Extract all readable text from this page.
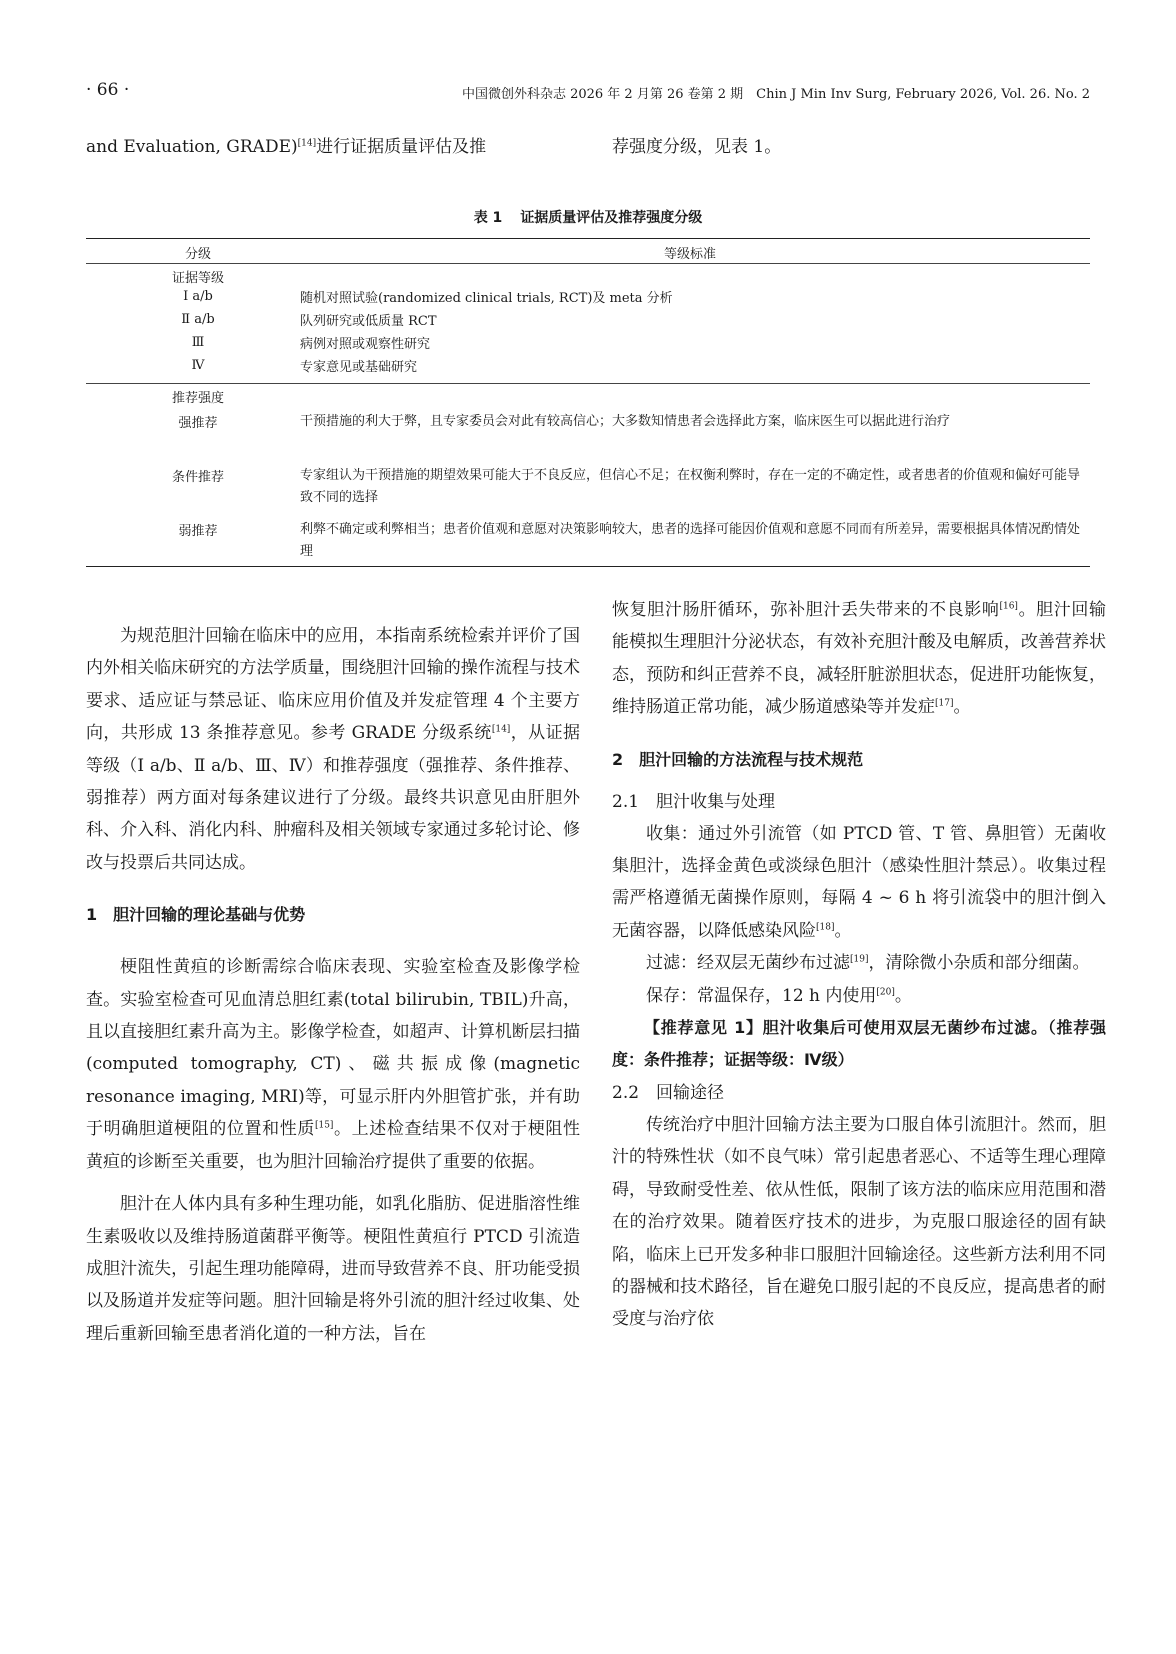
· 66 ·	中国微创外科杂志 2026 年 2 月第 26 卷第 2 期　Chin J Min Inv Surg, February 2026, Vol. 26. No. 2
and Evaluation, GRADE)[14]进行证据质量评估及推	荐强度分级，见表 1。
表 1 证据质量评估及推荐强度分级
分级	等级标准
证据等级
Ⅰ a/b	随机对照试验(randomized clinical trials, RCT)及 meta 分析
Ⅱ a/b	队列研究或低质量 RCT
Ⅲ	病例对照或观察性研究
Ⅳ	专家意见或基础研究
推荐强度
强推荐	干预措施的利大于弊，且专家委员会对此有较高信心；大多数知情患者会选择此方案，临床医生可以据此进行治疗
条件推荐	专家组认为干预措施的期望效果可能大于不良反应，但信心不足；在权衡利弊时，存在一定的不确定性，或者患者的价值观和偏好可能导致不同的选择
弱推荐	利弊不确定或利弊相当；患者价值观和意愿对决策影响较大，患者的选择可能因价值观和意愿不同而有所差异，需要根据具体情况酌情处理

为规范胆汁回输在临床中的应用，本指南系统检索并评价了国内外相关临床研究的方法学质量，围绕胆汁回输的操作流程与技术要求、适应证与禁忌证、临床应用价值及并发症管理 4 个主要方向，共形成 13 条推荐意见。参考 GRADE 分级系统[14]，从证据等级（Ⅰ a/b、Ⅱ a/b、Ⅲ、Ⅳ）和推荐强度（强推荐、条件推荐、弱推荐）两方面对每条建议进行了分级。最终共识意见由肝胆外科、介入科、消化内科、肿瘤科及相关领域专家通过多轮讨论、修改与投票后共同达成。

1　胆汁回输的理论基础与优势

梗阻性黄疸的诊断需综合临床表现、实验室检查及影像学检查。实验室检查可见血清总胆红素(total bilirubin, TBIL)升高，且以直接胆红素升高为主。影像学检查，如超声、计算机断层扫描(computed tomography, CT)、磁共振成像(magnetic resonance imaging, MRI)等，可显示肝内外胆管扩张，并有助于明确胆道梗阻的位置和性质[15]。上述检查结果不仅对于梗阻性黄疸的诊断至关重要，也为胆汁回输治疗提供了重要的依据。

胆汁在人体内具有多种生理功能，如乳化脂肪、促进脂溶性维生素吸收以及维持肠道菌群平衡等。梗阻性黄疸行 PTCD 引流造成胆汁流失，引起生理功能障碍，进而导致营养不良、肝功能受损以及肠道并发症等问题。胆汁回输是将外引流的胆汁经过收集、处理后重新回输至患者消化道的一种方法，旨在

恢复胆汁肠肝循环，弥补胆汁丢失带来的不良影响[16]。胆汁回输能模拟生理胆汁分泌状态，有效补充胆汁酸及电解质，改善营养状态，预防和纠正营养不良，减轻肝脏淤胆状态，促进肝功能恢复，维持肠道正常功能，减少肠道感染等并发症[17]。

2　胆汁回输的方法流程与技术规范
2.1　胆汁收集与处理

收集：通过外引流管（如 PTCD 管、T 管、鼻胆管）无菌收集胆汁，选择金黄色或淡绿色胆汁（感染性胆汁禁忌）。收集过程需严格遵循无菌操作原则，每隔 4 ~ 6 h 将引流袋中的胆汁倒入无菌容器，以降低感染风险[18]。

过滤：经双层无菌纱布过滤[19]，清除微小杂质和部分细菌。

保存：常温保存，12 h 内使用[20]。

【推荐意见 1】胆汁收集后可使用双层无菌纱布过滤。（推荐强度：条件推荐；证据等级：Ⅳ级）

2.2　回输途径

传统治疗中胆汁回输方法主要为口服自体引流胆汁。然而，胆汁的特殊性状（如不良气味）常引起患者恶心、不适等生理心理障碍，导致耐受性差、依从性低，限制了该方法的临床应用范围和潜在的治疗效果。随着医疗技术的进步，为克服口服途径的固有缺陷，临床上已开发多种非口服胆汁回输途径。这些新方法利用不同的器械和技术路径，旨在避免口服引起的不良反应，提高患者的耐受度与治疗依
